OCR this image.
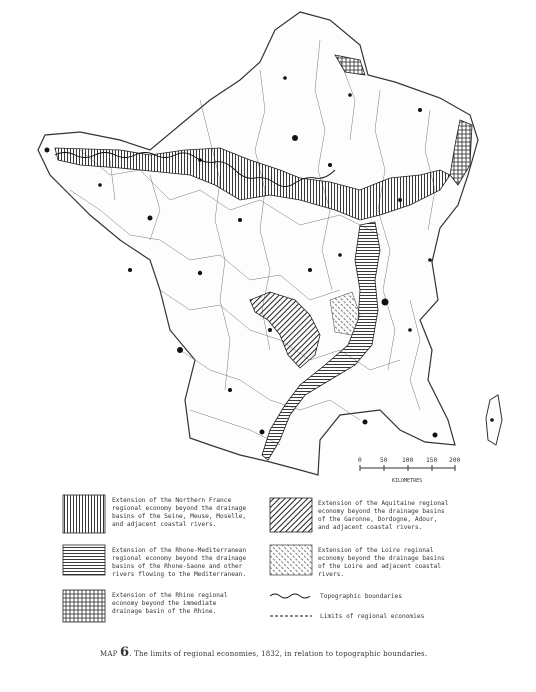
0	50 100 150 200
KILOMETRES
Extension of the Northern France regional economy beyond the drainage basins of the Seine, Meuse, Moselle, and adjacent coastal rivers.
Extension of the Rhone-Mediterranean regional economy beyond the drainage basins of the Rhone-Saone and other rivers flowing to the Mediterranean.
Extension of the Rhine regional economy beyond the immediate drainage basin of the Rhine.
Extension of the Aquitaine regional economy beyond the drainage basins of the Garonne, Dordogne, Adour, and adjacent coastal rivers.
Extension of the Loire regional economy beyond the drainage basins of the Loire and adjacent coastal rivers.
Topographic boundaries
Limits of regional economies
MAP 6. The limits of regional economies, 1832, in relation to topographic boundaries.
